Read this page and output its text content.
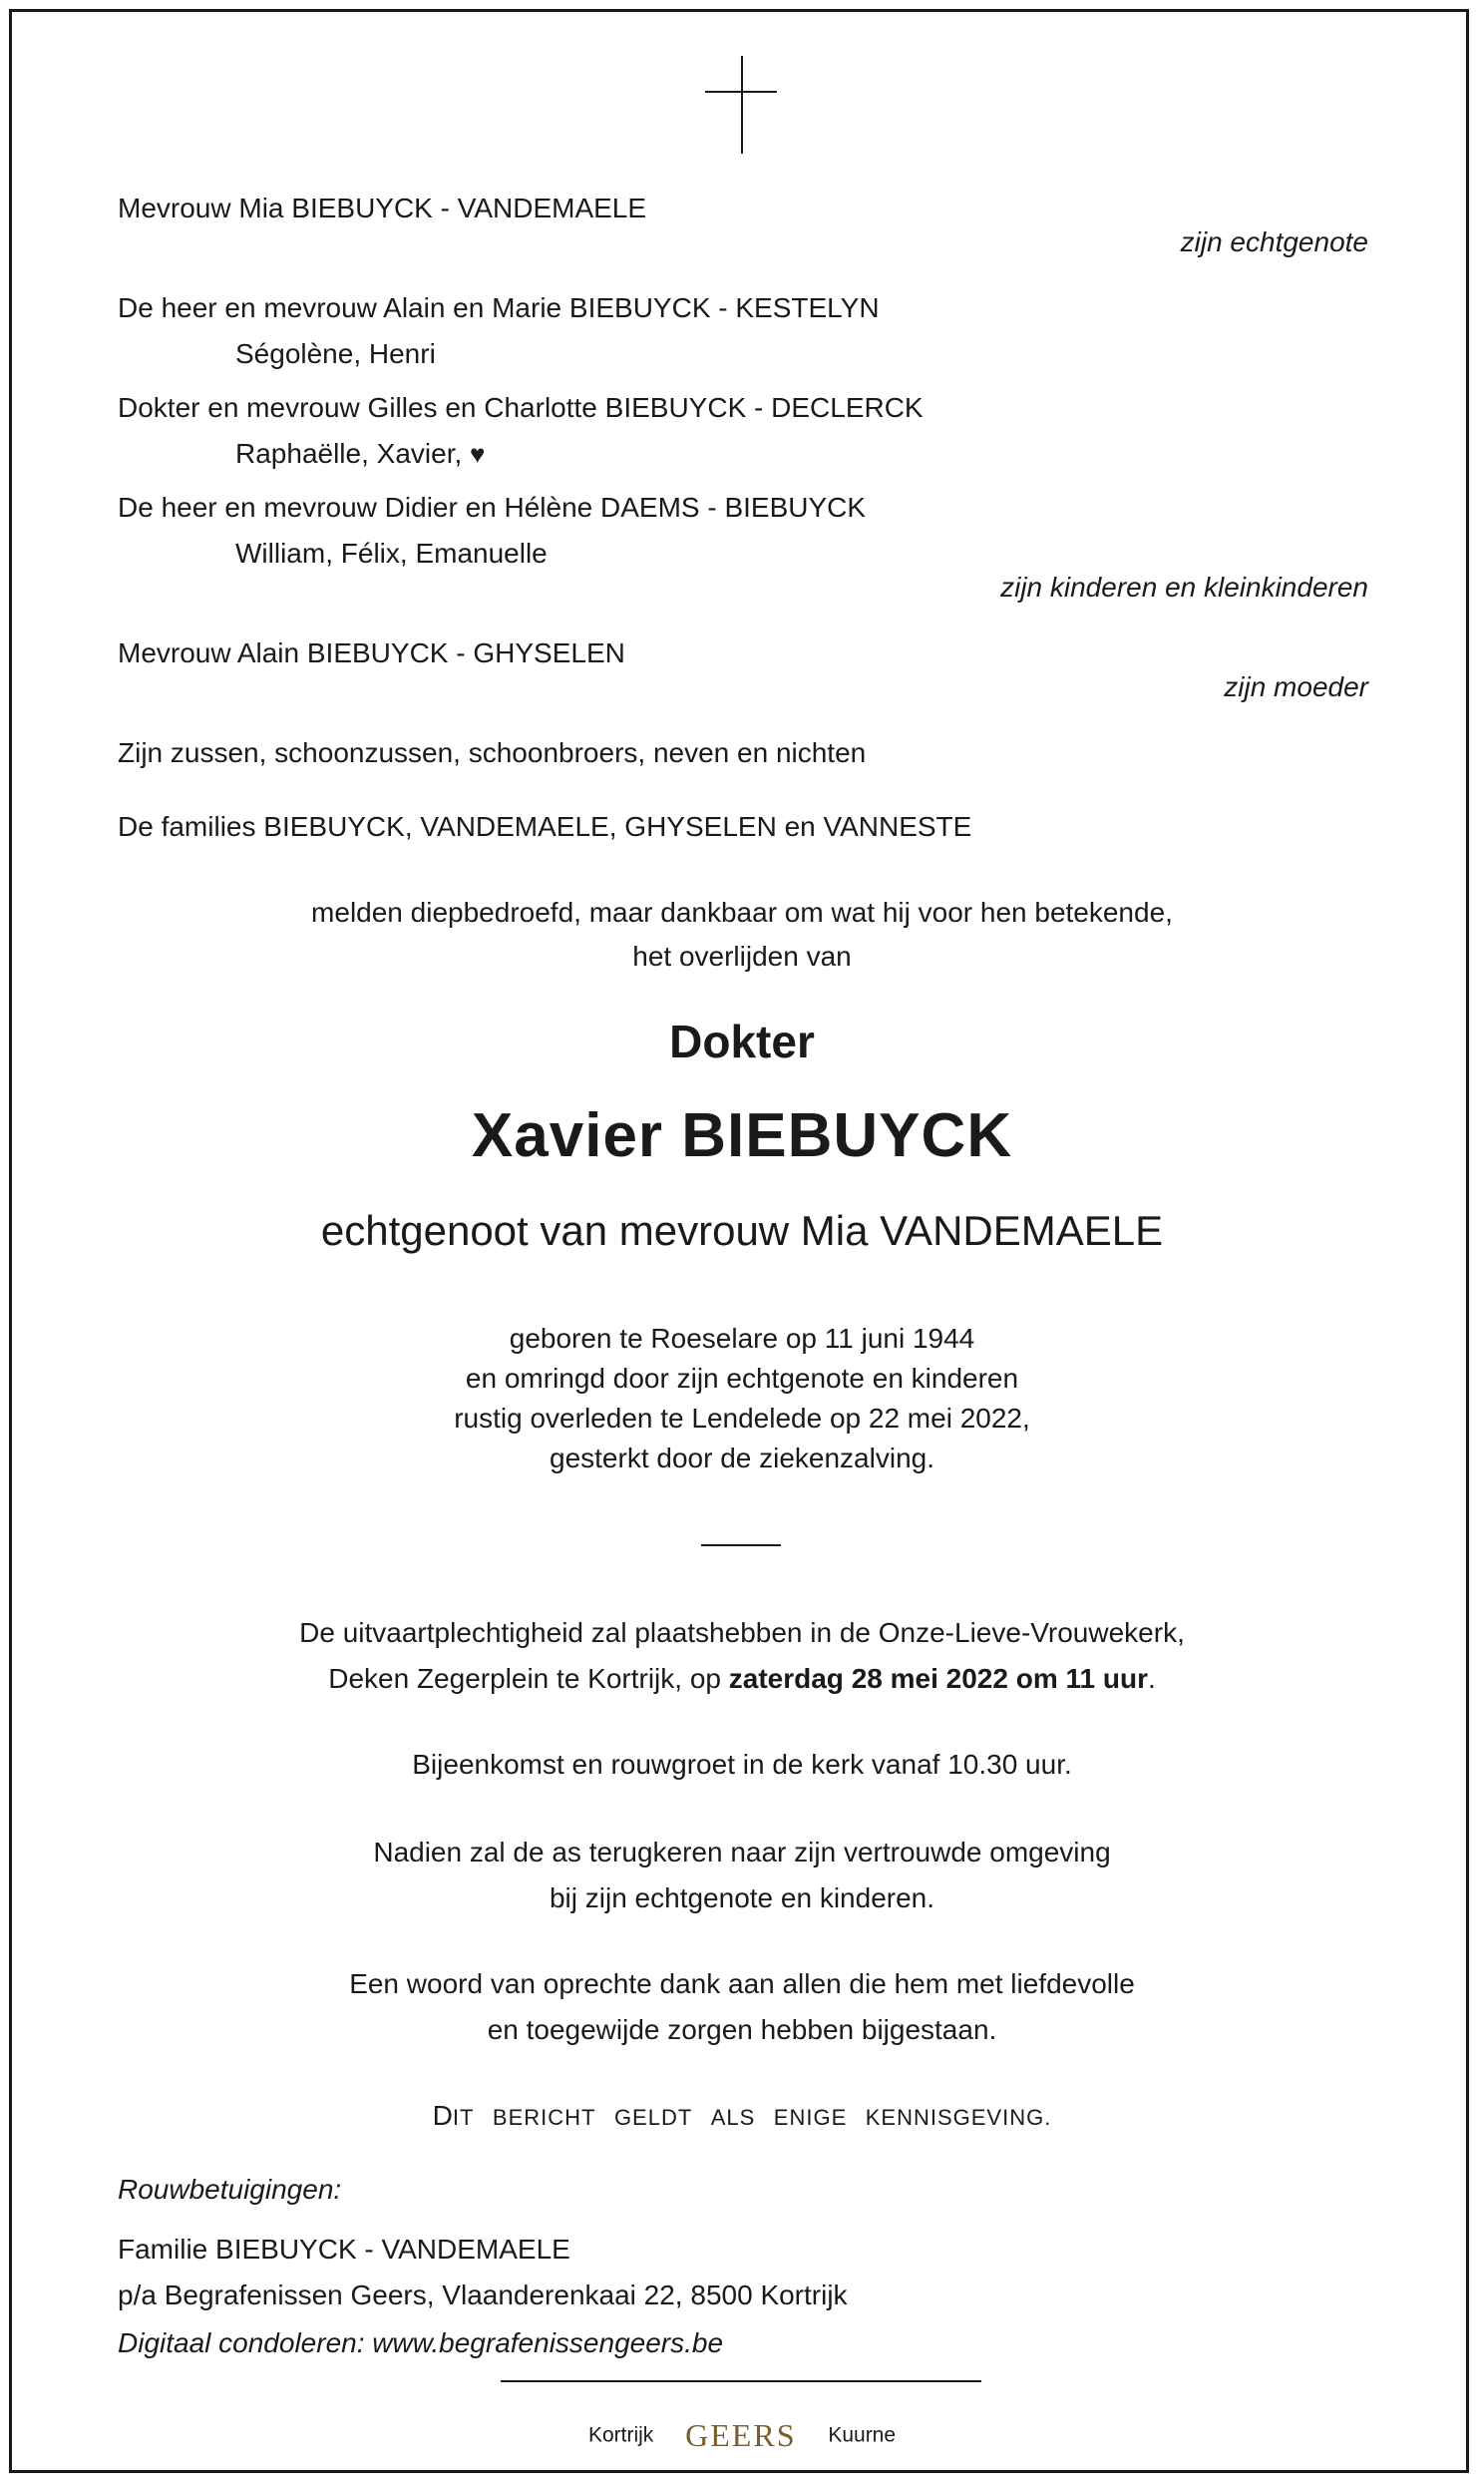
Mevrouw Mia BIEBUYCK - VANDEMAELE
zijn echtgenote
De heer en mevrouw Alain en Marie BIEBUYCK - KESTELYN
Ségolène, Henri
Dokter en mevrouw Gilles en Charlotte BIEBUYCK - DECLERCK
Raphaëlle, Xavier, ♥
De heer en mevrouw Didier en Hélène DAEMS - BIEBUYCK
William, Félix, Emanuelle
zijn kinderen en kleinkinderen
Mevrouw Alain BIEBUYCK - GHYSELEN
zijn moeder
Zijn zussen, schoonzussen, schoonbroers, neven en nichten
De families BIEBUYCK, VANDEMAELE, GHYSELEN en VANNESTE
melden diepbedroefd, maar dankbaar om wat hij voor hen betekende,
het overlijden van
Dokter
Xavier BIEBUYCK
echtgenoot van mevrouw Mia VANDEMAELE
geboren te Roeselare op 11 juni 1944
en omringd door zijn echtgenote en kinderen
rustig overleden te Lendelede op 22 mei 2022,
gesterkt door de ziekenzalving.
De uitvaartplechtigheid zal plaatshebben in de Onze-Lieve-Vrouwekerk,
Deken Zegerplein te Kortrijk, op zaterdag 28 mei 2022 om 11 uur.
Bijeenkomst en rouwgroet in de kerk vanaf 10.30 uur.
Nadien zal de as terugkeren naar zijn vertrouwde omgeving
bij zijn echtgenote en kinderen.
Een woord van oprechte dank aan allen die hem met liefdevolle
en toegewijde zorgen hebben bijgestaan.
DIT BERICHT GELDT ALS ENIGE KENNISGEVING.
Rouwbetuigingen:
Familie BIEBUYCK - VANDEMAELE
p/a Begrafenissen Geers, Vlaanderenkaai 22, 8500 Kortrijk
Digitaal condoleren: www.begrafenissengeers.be
Kortrijk GEERS Kuurne
